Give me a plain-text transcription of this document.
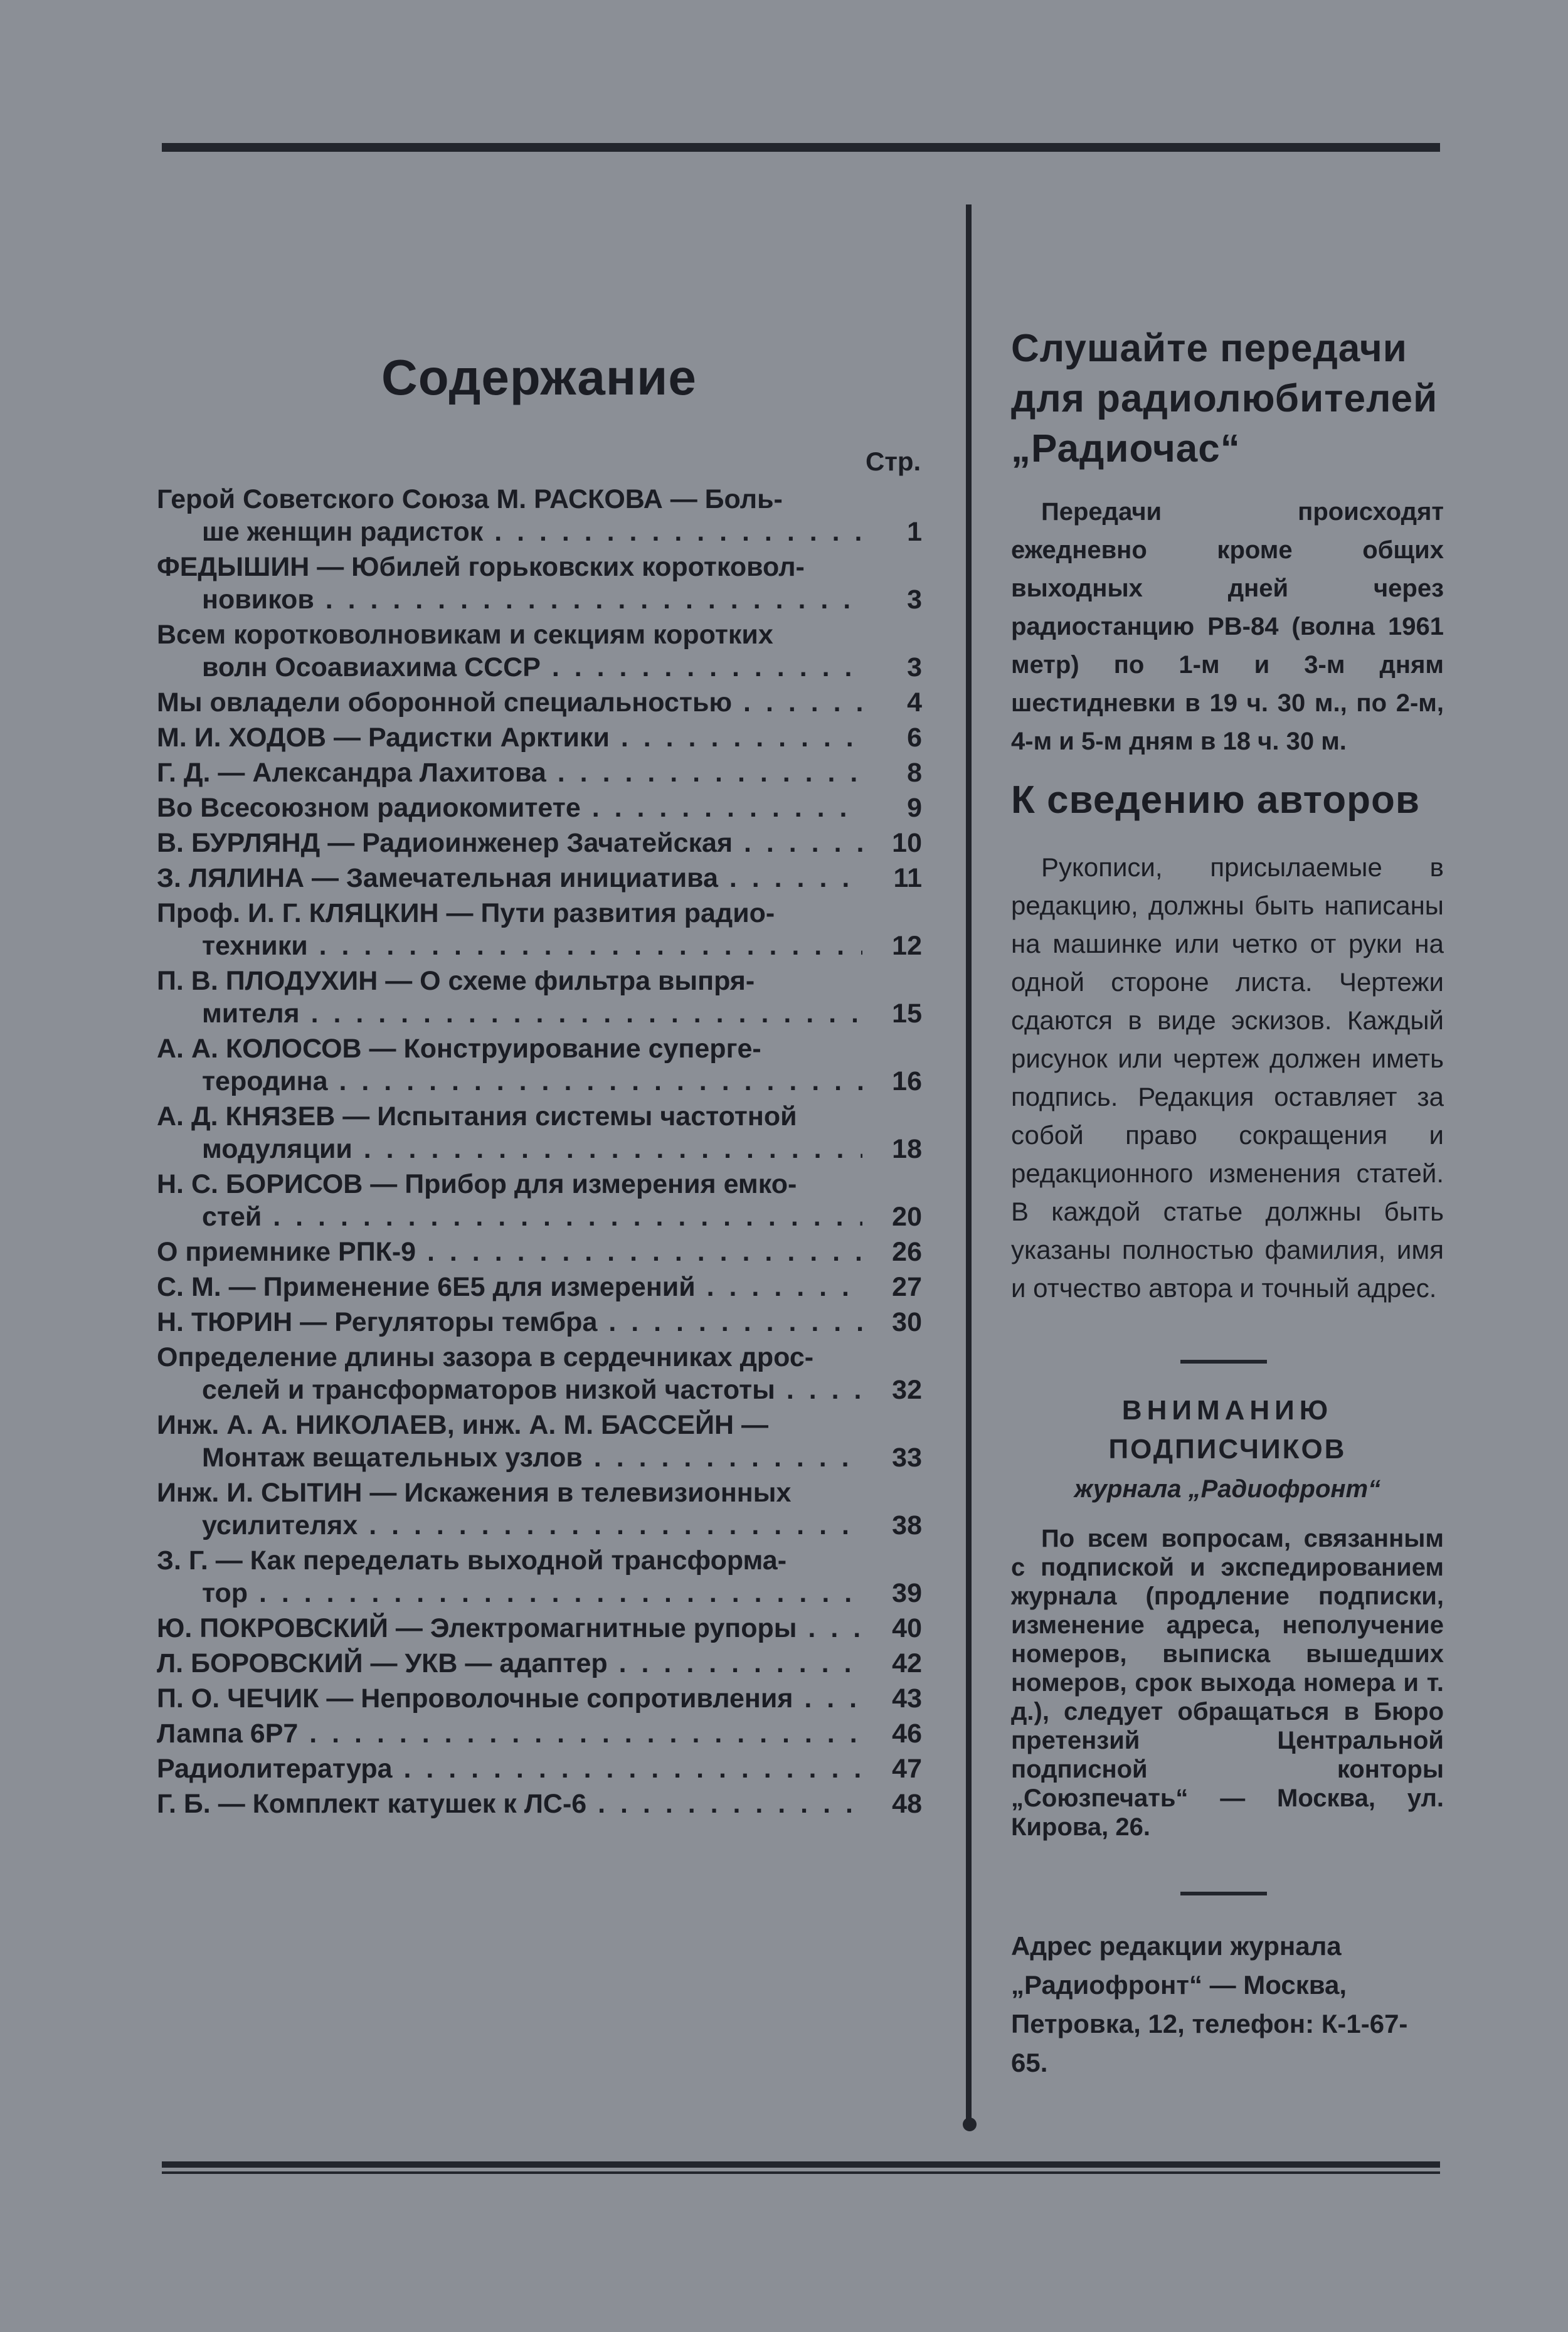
Содержание
Стр.
Герой Советского Союза М. РАСКОВА — Боль-
ше женщин радисток . . .	1
ФЕДЫШИН — Юбилей горьковских коротковол-
новиков . . .	3
Всем коротковолновикам и секциям коротких
волн Осоавиахима СССР . . .	3
Мы овладели оборонной специальностью . . .	4
М. И. ХОДОВ — Радистки Арктики . . .	6
Г. Д. — Александра Лахитова . . .	8
Во Всесоюзном радиокомитете . . .	9
В. БУРЛЯНД — Радиоинженер Зачатейская . . .	10
З. ЛЯЛИНА — Замечательная инициатива . . .	11
Проф. И. Г. КЛЯЦКИН — Пути развития радио-
техники . . .	12
П. В. ПЛОДУХИН — О схеме фильтра выпря-
мителя . . .	15
А. А. КОЛОСОВ — Конструирование суперге-
теродина . . .	16
А. Д. КНЯЗЕВ — Испытания системы частотной
модуляции . . .	18
Н. С. БОРИСОВ — Прибор для измерения емко-
стей . . .	20
О приемнике РПК-9 . . .	26
С. М. — Применение 6Е5 для измерений . . .	27
Н. ТЮРИН — Регуляторы тембра . . .	30
Определение длины зазора в сердечниках дрос-
селей и трансформаторов низкой частоты . . .	32
Инж. А. А. НИКОЛАЕВ, инж. А. М. БАССЕЙН —
Монтаж вещательных узлов . . .	33
Инж. И. СЫТИН — Искажения в телевизионных
усилителях . . .	38
З. Г. — Как переделать выходной трансформа-
тор . . .	39
Ю. ПОКРОВСКИЙ — Электромагнитные рупоры . . .	40
Л. БОРОВСКИЙ — УКВ — адаптер . . .	42
П. О. ЧЕЧИК — Непроволочные сопротивления . . .	43
Лампа 6Р7 . . .	46
Радиолитература . . .	47
Г. Б. — Комплект катушек к ЛС-6 . . .	48
Слушайте передачи для радиолюбителей „Радиочас“
Передачи происходят ежедневно кроме общих выходных дней через радиостанцию РВ-84 (волна 1961 метр) по 1-м и 3-м дням шестидневки в 19 ч. 30 м., по 2-м, 4-м и 5-м дням в 18 ч. 30 м.
К сведению авторов
Рукописи, присылаемые в редакцию, должны быть написаны на машинке или четко от руки на одной стороне листа. Чертежи сдаются в виде эскизов. Каждый рисунок или чертеж должен иметь подпись. Редакция оставляет за собой право сокращения и редакционного изменения статей. В каждой статье должны быть указаны полностью фамилия, имя и отчество автора и точный адрес.
ВНИМАНИЮ
ПОДПИСЧИКОВ
журнала „Радиофронт“
По всем вопросам, связанным с подпиской и экспедированием журнала (продление подписки, изменение адреса, неполучение номеров, выписка вышедших номеров, срок выхода номера и т. д.), следует обращаться в Бюро претензий Центральной подписной конторы „Союзпечать“ — Москва, ул. Кирова, 26.
Адрес редакции журнала „Радиофронт“ — Москва, Петровка, 12, телефон: К-1-67-65.
